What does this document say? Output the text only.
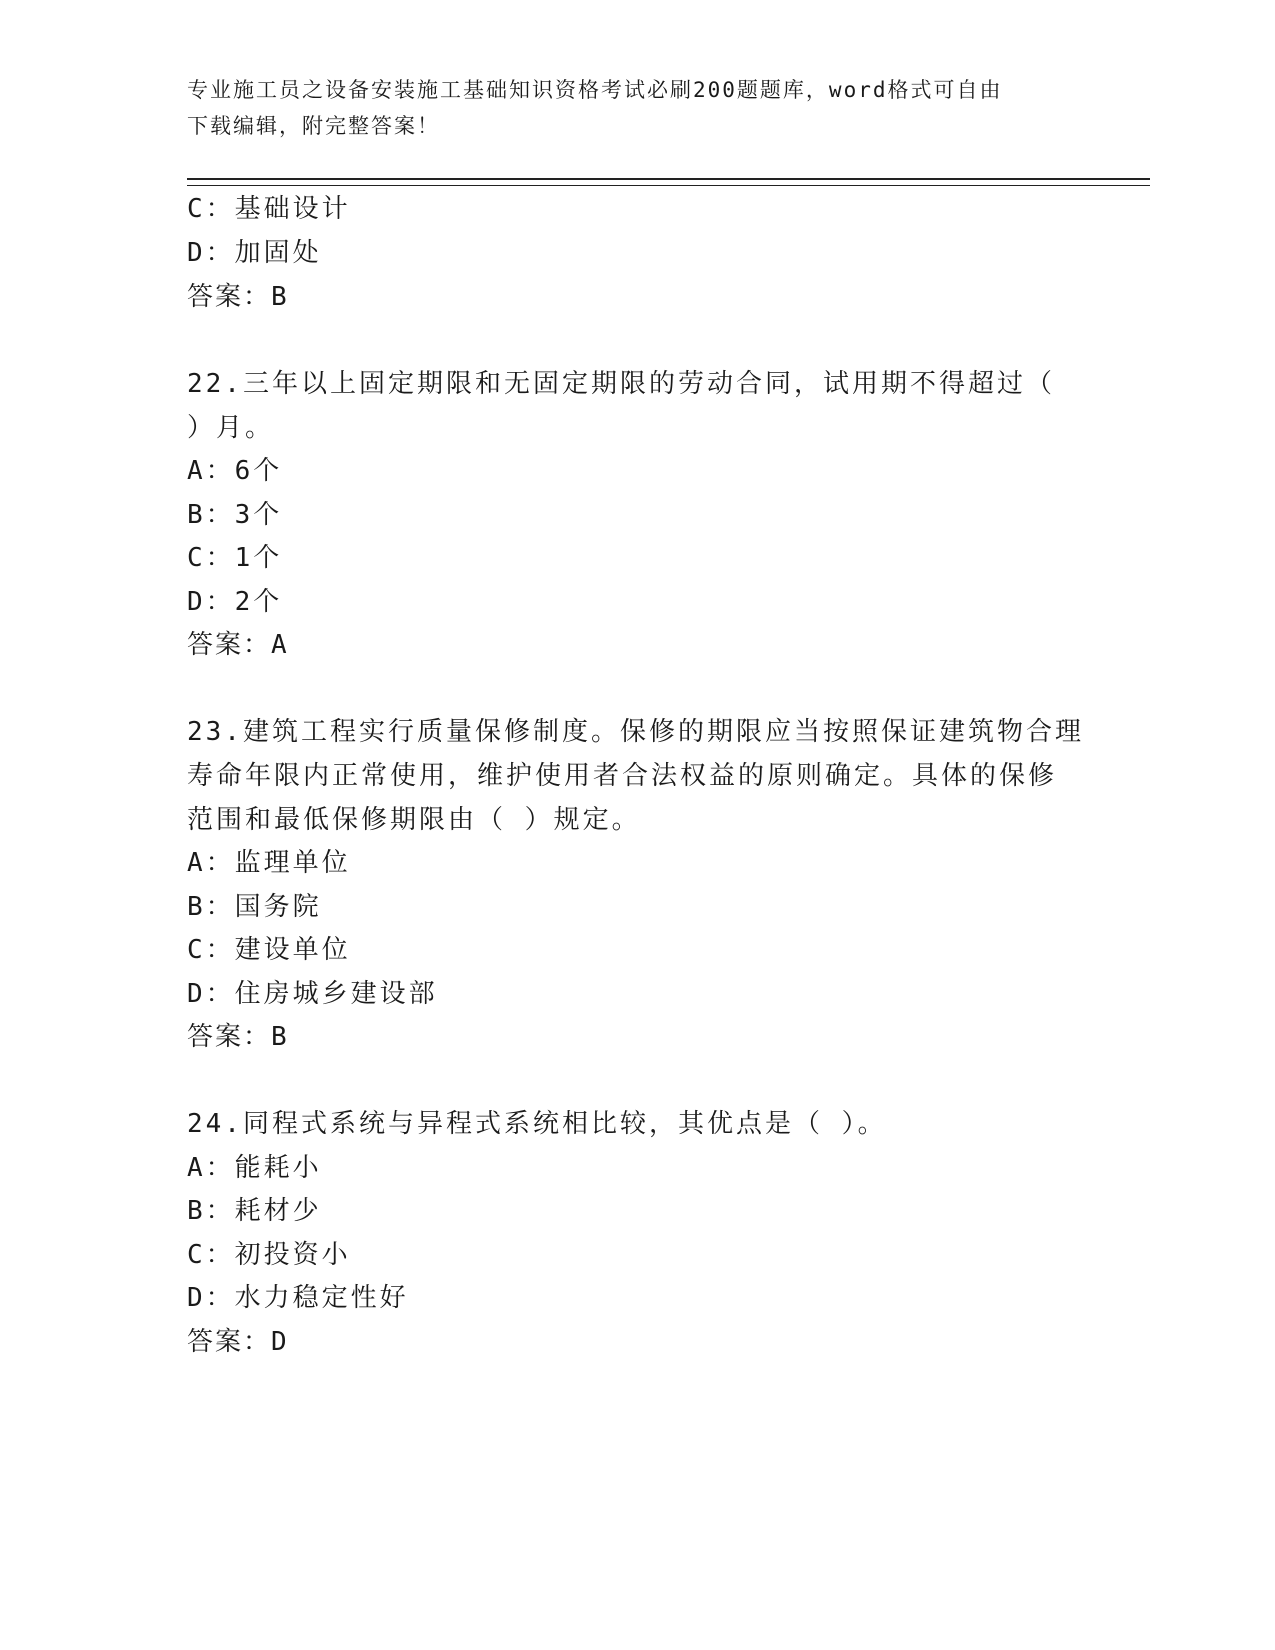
专业施工员之设备安装施工基础知识资格考试必刷200题题库，word格式可自由
下载编辑，附完整答案！
C：基础设计
D：加固处
答案：B
22.三年以上固定期限和无固定期限的劳动合同，试用期不得超过（
）月。
A：6个
B：3个
C：1个
D：2个
答案：A
23.建筑工程实行质量保修制度。保修的期限应当按照保证建筑物合理
寿命年限内正常使用，维护使用者合法权益的原则确定。具体的保修
范围和最低保修期限由（ ）规定。
A：监理单位
B：国务院
C：建设单位
D：住房城乡建设部
答案：B
24.同程式系统与异程式系统相比较，其优点是（ ）。
A：能耗小
B：耗材少
C：初投资小
D：水力稳定性好
答案：D
